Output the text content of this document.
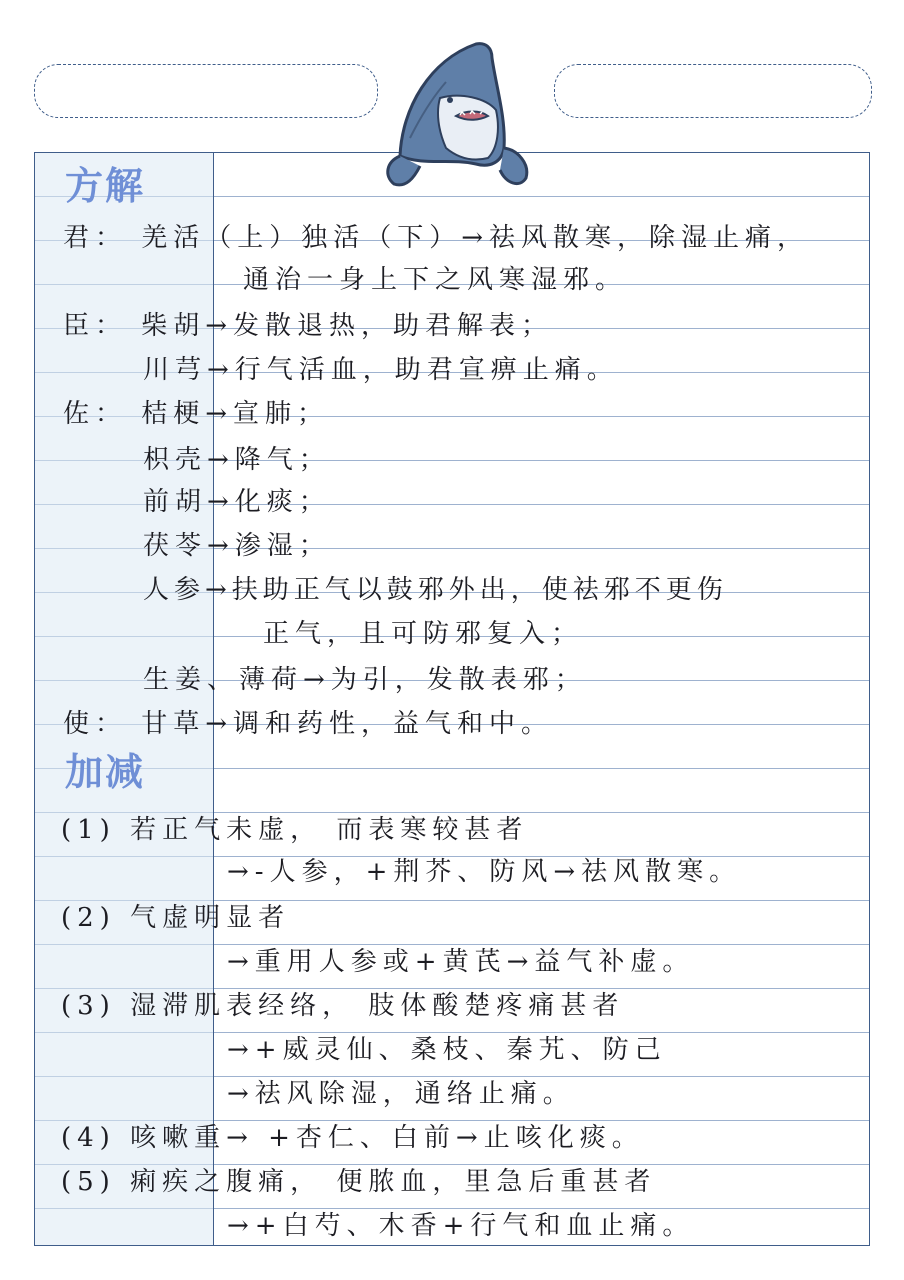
方解
君： 羌活（上）独活（下）→祛风散寒，除湿止痛，
通治一身上下之风寒湿邪。
臣： 柴胡→发散退热，助君解表；
川芎→行气活血，助君宣痹止痛。
佐： 桔梗→宣肺；
枳壳→降气；
前胡→化痰；
茯苓→渗湿；
人参→扶助正气以鼓邪外出，使祛邪不更伤
正气，且可防邪复入；
生姜、薄荷→为引，发散表邪；
使： 甘草→调和药性，益气和中。
加减
(1) 若正气未虚， 而表寒较甚者
→-人参，+荆芥、防风→祛风散寒。
(2) 气虚明显者
→重用人参或+黄芪→益气补虚。
(3) 湿滞肌表经络， 肢体酸楚疼痛甚者
→+威灵仙、桑枝、秦艽、防己
→祛风除湿，通络止痛。
(4) 咳嗽重→ +杏仁、白前→止咳化痰。
(5) 痢疾之腹痛， 便脓血，里急后重甚者
→+白芍、木香+行气和血止痛。
